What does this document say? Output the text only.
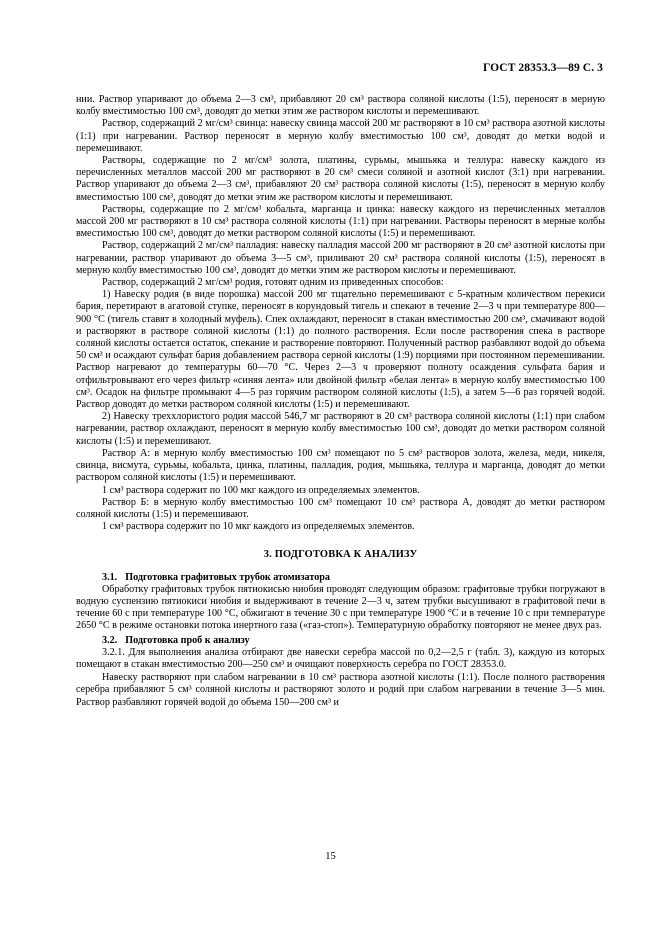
ГОСТ 28353.3—89 С. 3

нии. Раствор упаривают до объема 2—3 см³, прибавляют 20 см³ раствора соляной кислоты (1:5), переносят в мерную колбу вместимостью 100 см³, доводят до метки этим же раствором кислоты и перемешивают.

Раствор, содержащий 2 мг/см³ свинца: навеску свинца массой 200 мг растворяют в 10 см³ раствора азотной кислоты (1:1) при нагревании. Раствор переносят в мерную колбу вместимостью 100 см³, доводят до метки водой и перемешивают.

Растворы, содержащие по 2 мг/см³ золота, платины, сурьмы, мышьяка и теллура: навеску каждого из перечисленных металлов массой 200 мг растворяют в 20 см³ смеси соляной и азотной кислот (3:1) при нагревании. Раствор упаривают до объема 2—3 см³, прибавляют 20 см³ раствора соляной кислоты (1:5), переносят в мерную колбу вместимостью 100 см³, доводят до метки этим же раствором кислоты и перемешивают.

Растворы, содержащие по 2 мг/см³ кобальта, марганца и цинка: навеску каждого из перечисленных металлов массой 200 мг растворяют в 10 см³ раствора соляной кислоты (1:1) при нагревании. Растворы переносят в мерные колбы вместимостью 100 см³, доводят до метки раствором соляной кислоты (1:5) и перемешивают.

Раствор, содержащий 2 мг/см³ палладия: навеску палладия массой 200 мг растворяют в 20 см³ азотной кислоты при нагревании, раствор упаривают до объема 3—5 см³, приливают 20 см³ раствора соляной кислоты (1:5), переносят в мерную колбу вместимостью 100 см³, доводят до метки этим же раствором кислоты и перемешивают.

Раствор, содержащий 2 мг/см³ родия, готовят одним из приведенных способов:

1) Навеску родия (в виде порошка) массой 200 мг тщательно перемешивают с 5-кратным количеством перекиси бария, перетирают в агатовой ступке, переносят в корундовый тигель и спекают в течение 2—3 ч при температуре 800—900 °С (тигель ставят в холодный муфель). Спек охлаждают, переносят в стакан вместимостью 200 см³, смачивают водой и растворяют в растворе соляной кислоты (1:1) до полного растворения. Если после растворения спека в растворе соляной кислоты остается остаток, спекание и растворение повторяют. Полученный раствор разбавляют водой до объема 50 см³ и осаждают сульфат бария добавлением раствора серной кислоты (1:9) порциями при постоянном перемешивании. Раствор нагревают до температуры 60—70 °С. Через 2—3 ч проверяют полноту осаждения сульфата бария и отфильтровывают его через фильтр «синяя лента» или двойной фильтр «белая лента» в мерную колбу вместимостью 100 см³. Осадок на фильтре промывают 4—5 раз горячим раствором соляной кислоты (1:5), а затем 5—6 раз горячей водой. Раствор доводят до метки раствором соляной кислоты (1:5) и перемешивают.

2) Навеску треххлористого родия массой 546,7 мг растворяют в 20 см³ раствора соляной кислоты (1:1) при слабом нагревании, раствор охлаждают, переносят в мерную колбу вместимостью 100 см³, доводят до метки раствором соляной кислоты (1:5) и перемешивают.

Раствор А: в мерную колбу вместимостью 100 см³ помещают по 5 см³ растворов золота, железа, меди, никеля, свинца, висмута, сурьмы, кобальта, цинка, платины, палладия, родия, мышьяка, теллура и марганца, доводят до метки раствором соляной кислоты (1:5) и перемешивают.

1 см³ раствора содержит по 100 мкг каждого из определяемых элементов.

Раствор Б: в мерную колбу вместимостью 100 см³ помещают 10 см³ раствора А, доводят до метки раствором соляной кислоты (1:5) и перемешивают.

1 см³ раствора содержит по 10 мкг каждого из определяемых элементов.

3. ПОДГОТОВКА К АНАЛИЗУ
3.1. Подготовка графитовых трубок атомизатора

Обработку графитовых трубок пятиокисью ниобия проводят следующим образом: графитовые трубки погружают в водную суспензию пятиокиси ниобия и выдерживают в течение 2—3 ч, затем трубки высушивают в графитовой печи в течение 60 с при температуре 100 °С, обжигают в течение 30 с при температуре 1900 °С и в течение 10 с при температуре 2650 °С в режиме остановки потока инертного газа («газ-стоп»). Температурную обработку повторяют не менее двух раз.

3.2. Подготовка проб к анализу

3.2.1. Для выполнения анализа отбирают две навески серебра массой по 0,2—2,5 г (табл. 3), каждую из которых помещают в стакан вместимостью 200—250 см³ и очищают поверхность серебра по ГОСТ 28353.0.

Навеску растворяют при слабом нагревании в 10 см³ раствора азотной кислоты (1:1). После полного растворения серебра прибавляют 5 см³ соляной кислоты и растворяют золото и родий при слабом нагревании в течение 3—5 мин. Раствор разбавляют горячей водой до объема 150—200 см³ и

15
